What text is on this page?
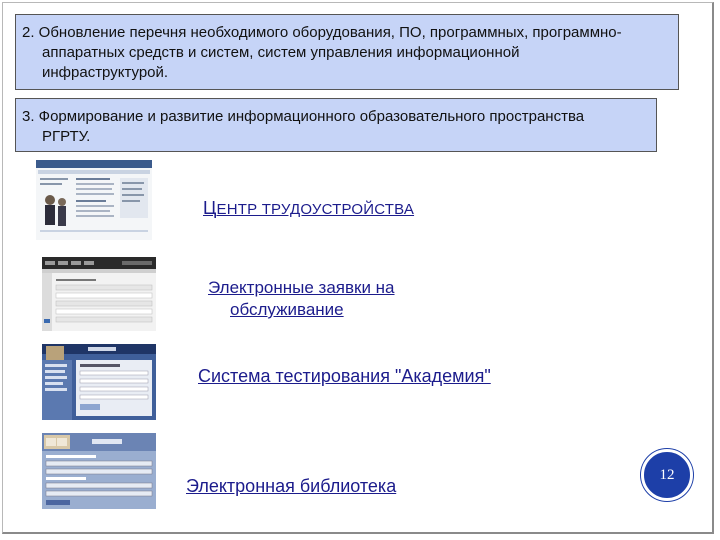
2. Обновление перечня необходимого оборудования, ПО, программных, программно-

аппаратных средств и систем, систем управления информационной

инфраструктурой.

3. Формирование и развитие информационного образовательного пространства

РГРТУ.

ЦЕНТР ТРУДОУСТРОЙСТВА
Электронные заявки на
обслуживание
Система тестирования "Академия"
Электронная библиотека
12
